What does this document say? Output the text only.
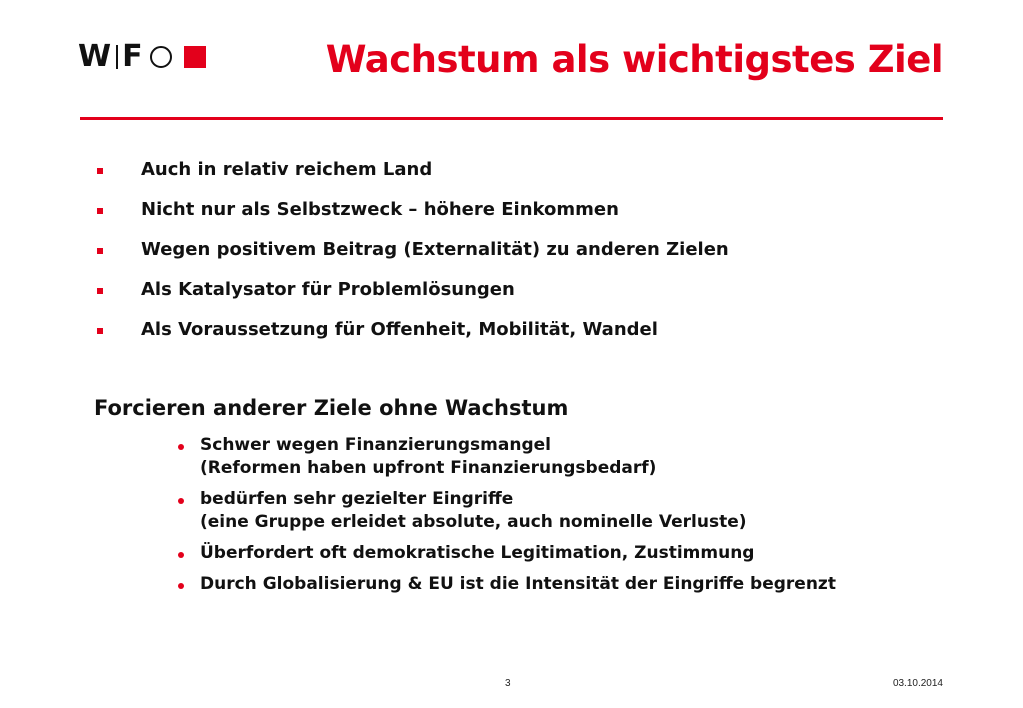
W F	Wachstum als wichtigstes Ziel
Auch in relativ reichem Land
Nicht nur als Selbstzweck – höhere Einkommen
Wegen positivem Beitrag (Externalität) zu anderen Zielen
Als Katalysator für Problemlösungen
Als Voraussetzung für Offenheit, Mobilität, Wandel
Forcieren anderer Ziele ohne Wachstum
Schwer wegen Finanzierungsmangel
(Reformen haben upfront Finanzierungsbedarf)
bedürfen sehr gezielter Eingriffe
(eine Gruppe erleidet absolute, auch nominelle Verluste)
Überfordert oft demokratische Legitimation, Zustimmung
Durch Globalisierung & EU ist die Intensität der Eingriffe begrenzt
3	03.10.2014
